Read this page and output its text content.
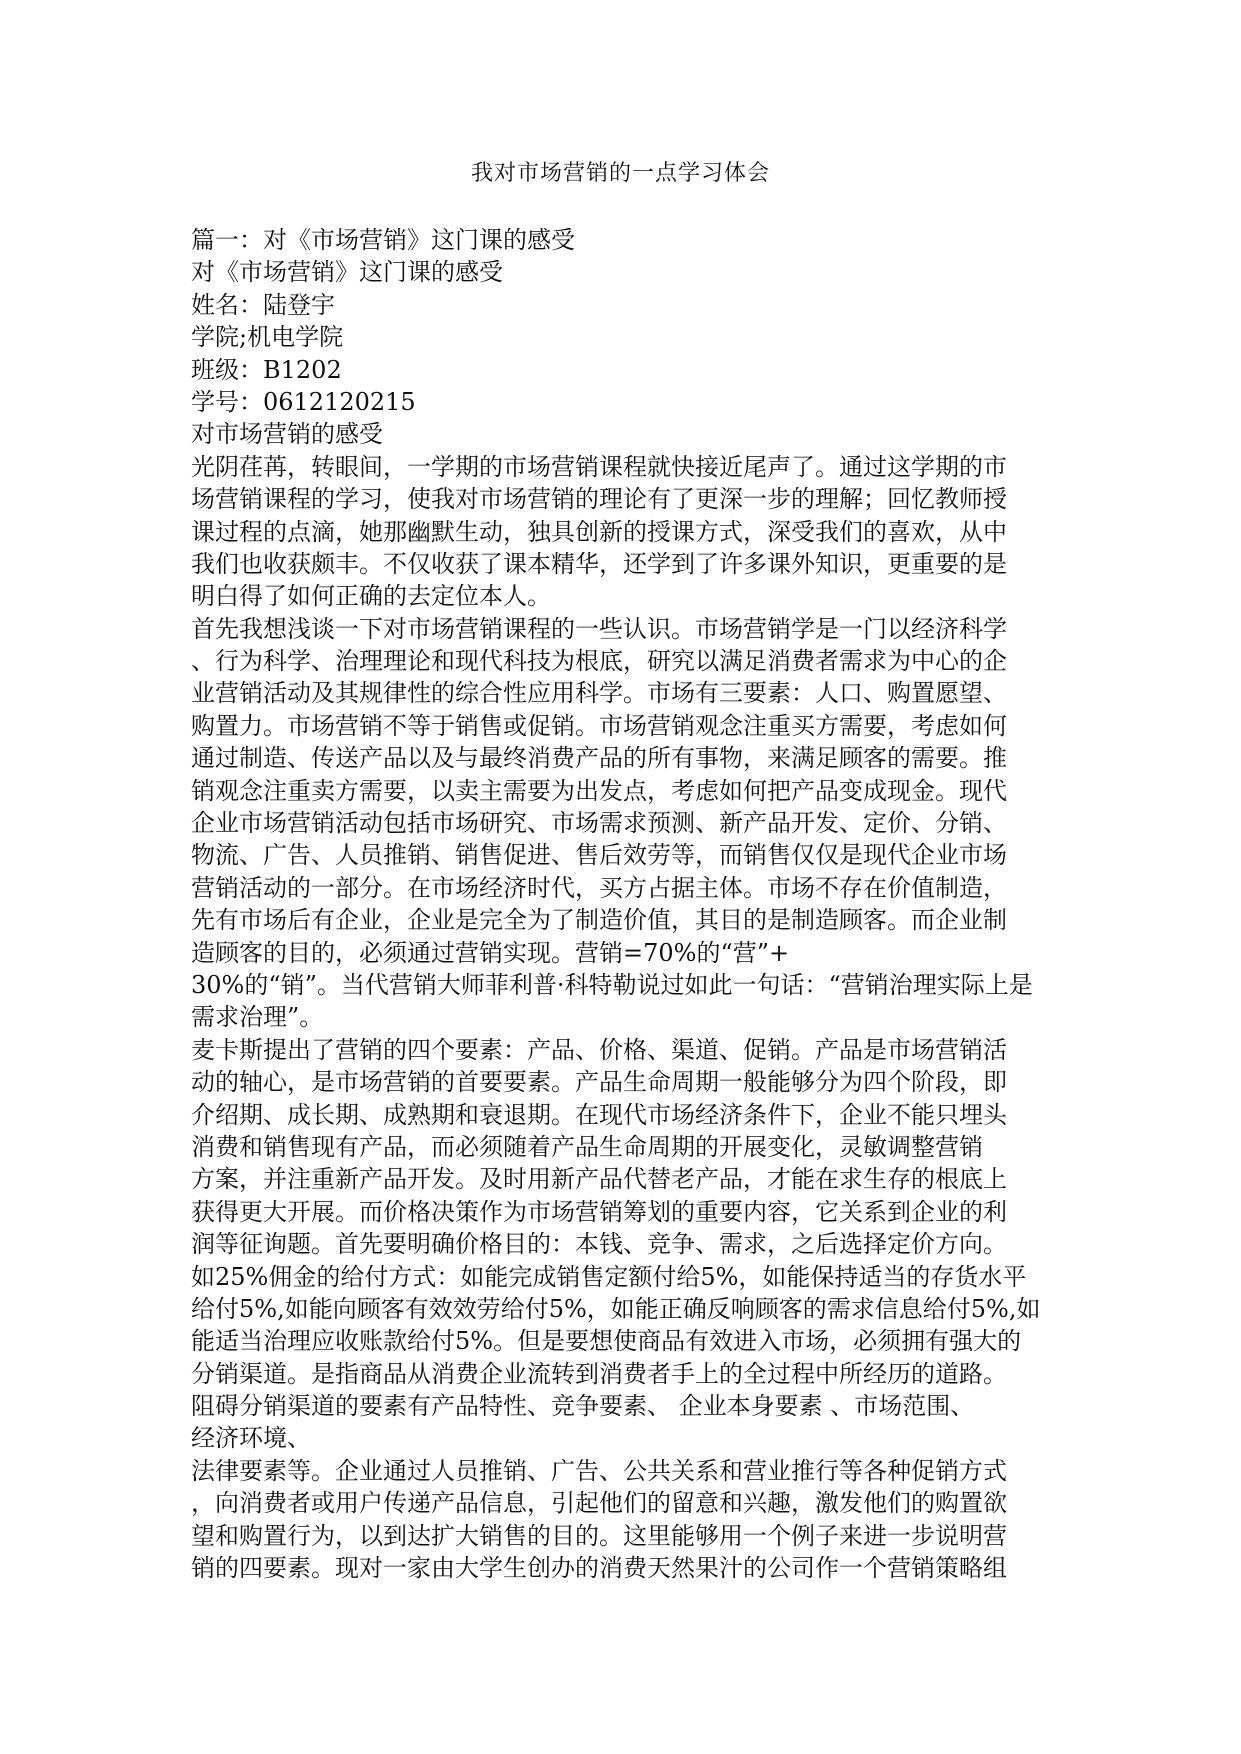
我对市场营销的一点学习体会
篇一：对《市场营销》这门课的感受
对《市场营销》这门课的感受
姓名：陆登宇
学院;机电学院
班级：B1202
学号：0612120215
对市场营销的感受
光阴荏苒，转眼间，一学期的市场营销课程就快接近尾声了。通过这学期的市
场营销课程的学习，使我对市场营销的理论有了更深一步的理解；回忆教师授
课过程的点滴，她那幽默生动，独具创新的授课方式，深受我们的喜欢，从中
我们也收获颇丰。不仅收获了课本精华，还学到了许多课外知识，更重要的是
明白得了如何正确的去定位本人。
首先我想浅谈一下对市场营销课程的一些认识。市场营销学是一门以经济科学
、行为科学、治理理论和现代科技为根底，研究以满足消费者需求为中心的企
业营销活动及其规律性的综合性应用科学。市场有三要素：人口、购置愿望、
购置力。市场营销不等于销售或促销。市场营销观念注重买方需要，考虑如何
通过制造、传送产品以及与最终消费产品的所有事物，来满足顾客的需要。推
销观念注重卖方需要，以卖主需要为出发点，考虑如何把产品变成现金。现代
企业市场营销活动包括市场研究、市场需求预测、新产品开发、定价、分销、
物流、广告、人员推销、销售促进、售后效劳等，而销售仅仅是现代企业市场
营销活动的一部分。在市场经济时代，买方占据主体。市场不存在价值制造，
先有市场后有企业，企业是完全为了制造价值，其目的是制造顾客。而企业制
造顾客的目的，必须通过营销实现。营销=70%的“营”+
30%的“销”。当代营销大师菲利普·科特勒说过如此一句话：“营销治理实际上是
需求治理”。
麦卡斯提出了营销的四个要素：产品、价格、渠道、促销。产品是市场营销活
动的轴心，是市场营销的首要要素。产品生命周期一般能够分为四个阶段，即
介绍期、成长期、成熟期和衰退期。在现代市场经济条件下，企业不能只埋头
消费和销售现有产品，而必须随着产品生命周期的开展变化，灵敏调整营销
方案，并注重新产品开发。及时用新产品代替老产品，才能在求生存的根底上
获得更大开展。而价格决策作为市场营销筹划的重要内容，它关系到企业的利
润等征询题。首先要明确价格目的：本钱、竞争、需求，之后选择定价方向。
如25%佣金的给付方式：如能完成销售定额付给5%，如能保持适当的存货水平
给付5%,如能向顾客有效效劳给付5%，如能正确反响顾客的需求信息给付5%,如
能适当治理应收账款给付5%。但是要想使商品有效进入市场，必须拥有强大的
分销渠道。是指商品从消费企业流转到消费者手上的全过程中所经历的道路。
阻碍分销渠道的要素有产品特性、竞争要素、 企业本身要素 、市场范围、
经济环境、
法律要素等。企业通过人员推销、广告、公共关系和营业推行等各种促销方式
，向消费者或用户传递产品信息，引起他们的留意和兴趣，激发他们的购置欲
望和购置行为，以到达扩大销售的目的。这里能够用一个例子来进一步说明营
销的四要素。现对一家由大学生创办的消费天然果汁的公司作一个营销策略组
